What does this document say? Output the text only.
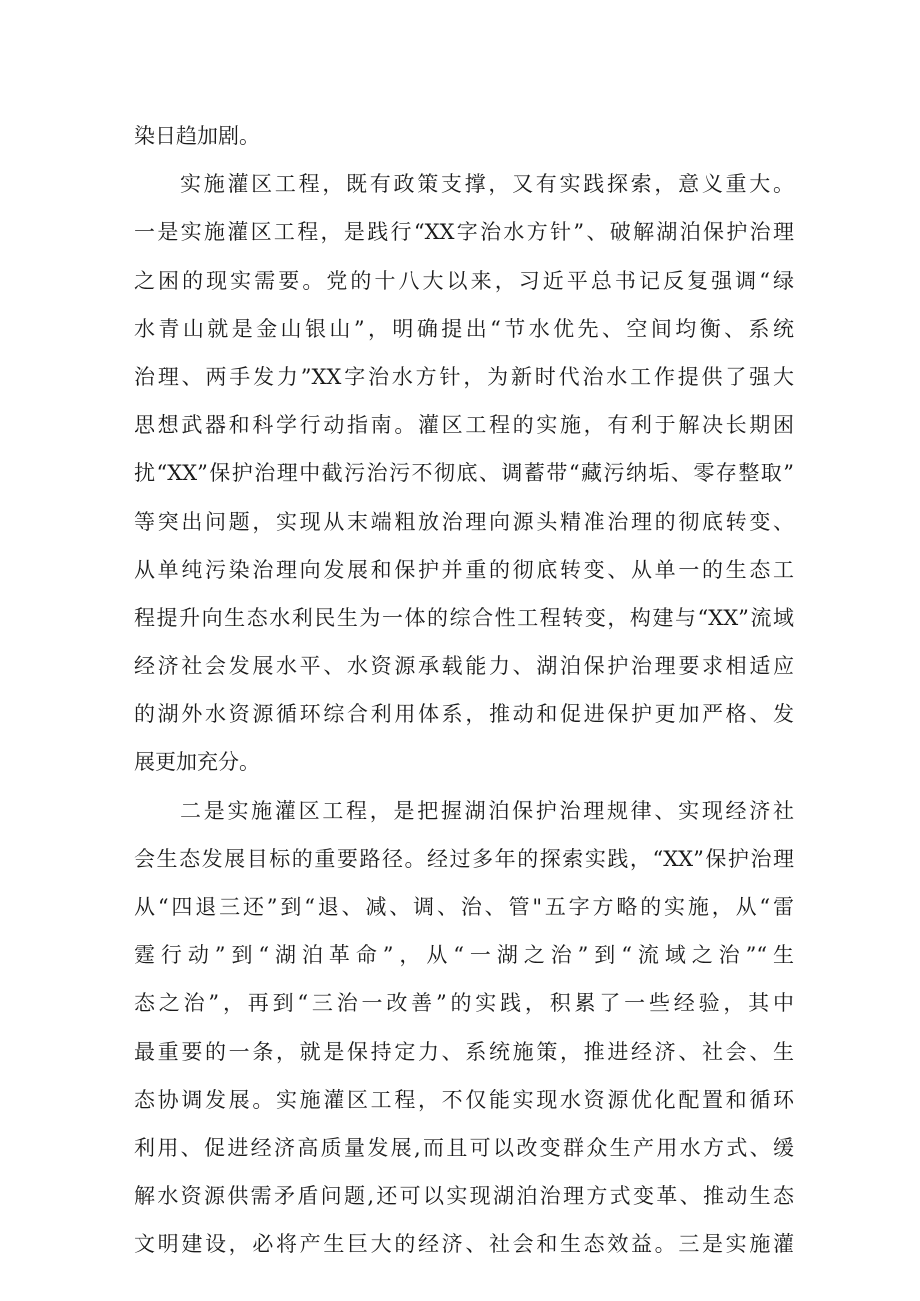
染日趋加剧。
实施灌区工程，既有政策支撑，又有实践探索，意义重大。
一是实施灌区工程，是践行“XX字治水方针”、破解湖泊保护治理
之困的现实需要。党的十八大以来，习近平总书记反复强调“绿
水青山就是金山银山”，明确提出“节水优先、空间均衡、系统
治理、两手发力”XX字治水方针，为新时代治水工作提供了强大
思想武器和科学行动指南。灌区工程的实施，有利于解决长期困
扰“XX”保护治理中截污治污不彻底、调蓄带“藏污纳垢、零存整取”
等突出问题，实现从末端粗放治理向源头精准治理的彻底转变、
从单纯污染治理向发展和保护并重的彻底转变、从单一的生态工
程提升向生态水利民生为一体的综合性工程转变，构建与“XX”流域
经济社会发展水平、水资源承载能力、湖泊保护治理要求相适应
的湖外水资源循环综合利用体系，推动和促进保护更加严格、发
展更加充分。
二是实施灌区工程，是把握湖泊保护治理规律、实现经济社
会生态发展目标的重要路径。经过多年的探索实践，“XX”保护治理
从“四退三还”到“退、减、调、治、管"五字方略的实施，从“雷
霆行动”到“湖泊革命”，从“一湖之治”到“流域之治”“生
态之治”，再到“三治一改善”的实践，积累了一些经验，其中
最重要的一条，就是保持定力、系统施策，推进经济、社会、生
态协调发展。实施灌区工程，不仅能实现水资源优化配置和循环
利用、促进经济高质量发展,而且可以改变群众生产用水方式、缓
解水资源供需矛盾问题,还可以实现湖泊治理方式变革、推动生态
文明建设，必将产生巨大的经济、社会和生态效益。三是实施灌
